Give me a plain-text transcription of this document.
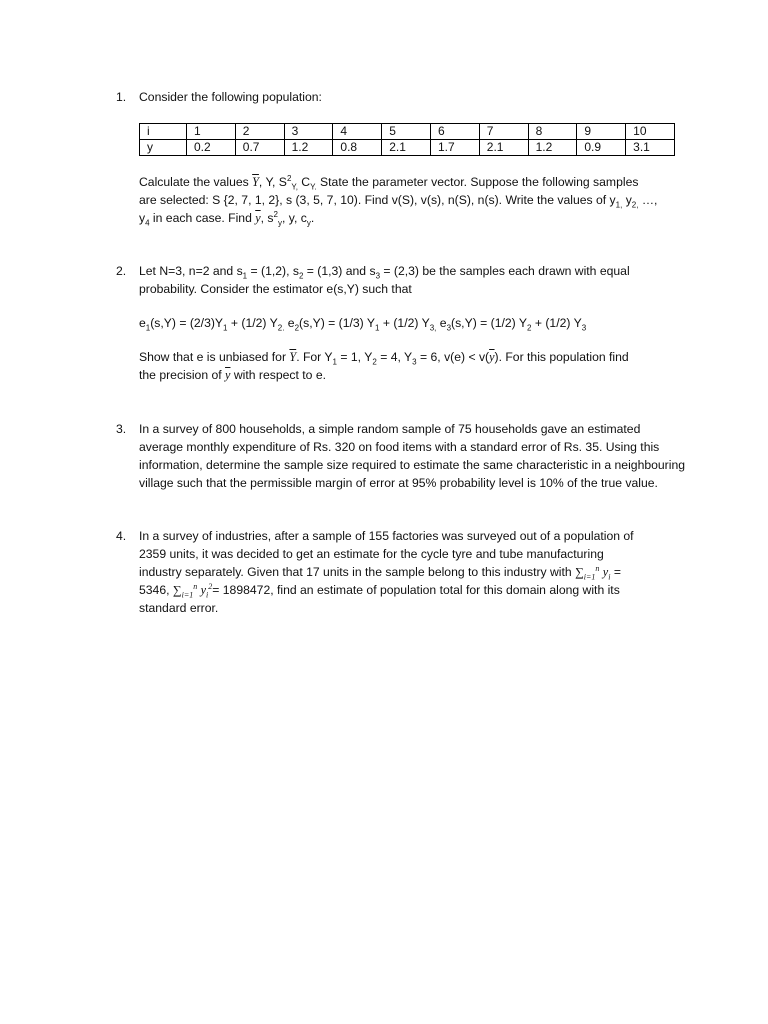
1. Consider the following population:

i	1	2	3	4	5	6	7	8	9	10
y	0.2	0.7	1.2	0.8	2.1	1.7	2.1	1.2	0.9	3.1

Calculate the values $\overline{Y}$, Y, $S^2_{Y,}$ $C_{Y.}$ State the parameter vector. Suppose the following samples

are selected: S {2, 7, 1, 2}, s (3, 5, 7, 10). Find v(S), v(s), n(S), n(s). Write the values of $y_{1,}$ $y_{2,}$ …,

$y_4$ in each case. Find $\overline{y}$, $s^2_y$, y, $c_y$.

2. Let N=3, n=2 and $s_1 = (1,2)$, $s_2 = (1,3)$ and $s_3 = (2,3)$ be the samples each drawn with equal

probability. Consider the estimator e(s,Y) such that

$e_1(s,Y) = (2/3)Y_1 + (1/2)$ $Y_{2.}$ $e_2(s,Y) = (1/3) Y_1 + (1/2)$ $Y_{3,}$ $e_3(s,Y) = (1/2) Y_2 + (1/2)$ $Y_3$

Show that e is unbiased for $\overline{Y}$. For $Y_1 = 1$, $Y_2 = 4$, $Y_3 = 6$, $v(e) < v(\overline{y})$. For this population find

the precision of $\overline{y}$ with respect to e.

3. In a survey of 800 households, a simple random sample of 75 households gave an estimated average monthly expenditure of Rs. 320 on food items with a standard error of Rs. 35. Using this information, determine the sample size required to estimate the same characteristic in a neighbouring village such that the permissible margin of error at 95% probability level is 10% of the true value.

4. In a survey of industries, after a sample of 155 factories was surveyed out of a population of

2359 units, it was decided to get an estimate for the cycle tyre and tube manufacturing

industry separately. Given that 17 units in the sample belong to this industry with $\sum_{i=1}^n$ $y_i$ =

5346, $\sum_{i=1}^n$ $y_i^2= 1898472$, find an estimate of population total for this domain along with its

standard error.
